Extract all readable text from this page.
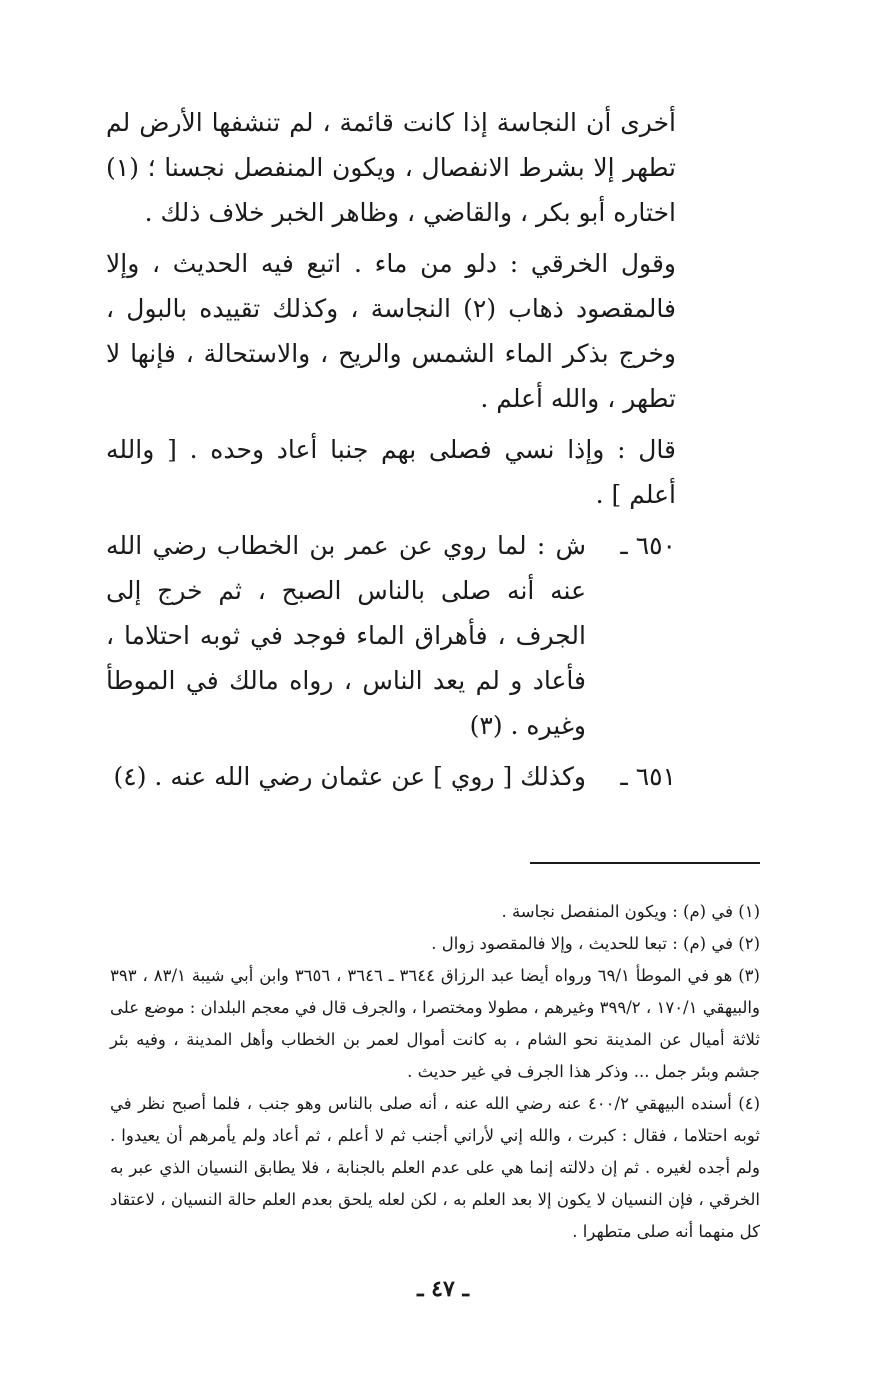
أخرى أن النجاسة إذا كانت قائمة ، لم تنشفها الأرض لم تطهر إلا بشرط الانفصال ، ويكون المنفصل نجسنا ؛ (١) اختاره أبو بكر ، والقاضي ، وظاهر الخبر خلاف ذلك .

وقول الخرقي : دلو من ماء . اتبع فيه الحديث ، وإلا فالمقصود ذهاب (٢) النجاسة ، وكذلك تقييده بالبول ، وخرج بذكر الماء الشمس والريح ، والاستحالة ، فإنها لا تطهر ، والله أعلم .

قال : وإذا نسي فصلى بهم جنبا أعاد وحده . [ والله أعلم ] .

٦٥٠ ـ
ش : لما روي عن عمر بن الخطاب رضي الله عنه أنه صلى بالناس الصبح ، ثم خرج إلى الجرف ، فأهراق الماء فوجد في ثوبه احتلاما ، فأعاد و لم يعد الناس ، رواه مالك في الموطأ وغيره . (٣)
٦٥١ ـ
وكذلك [ روي ] عن عثمان رضي الله عنه . (٤)

(١) في (م) : ويكون المنفصل نجاسة .

(٢) في (م) : تبعا للحديث ، وإلا فالمقصود زوال .

(٣) هو في الموطأ ٦٩/١ ورواه أيضا عبد الرزاق ٣٦٤٤ ـ ٣٦٤٦ ، ٣٦٥٦ وابن أبي شيبة ٨٣/١ ، ٣٩٣ والبيهقي ١٧٠/١ ، ٣٩٩/٢ وغيرهم ، مطولا ومختصرا ، والجرف قال في معجم البلدان : موضع على ثلاثة أميال عن المدينة نحو الشام ، به كانت أموال لعمر بن الخطاب وأهل المدينة ، وفيه بئر جشم وبئر جمل ... وذكر هذا الجرف في غير حديث .

(٤) أسنده البيهقي ٤٠٠/٢ عنه رضي الله عنه ، أنه صلى بالناس وهو جنب ، فلما أصبح نظر في ثوبه احتلاما ، فقال : كبرت ، والله إني لأراني أجنب ثم لا أعلم ، ثم أعاد ولم يأمرهم أن يعيدوا . ولم أجده لغيره . ثم إن دلالته إنما هي على عدم العلم بالجنابة ، فلا يطابق النسيان الذي عبر به الخرقي ، فإن النسيان لا يكون إلا بعد العلم به ، لكن لعله يلحق بعدم العلم حالة النسيان ، لاعتقاد كل منهما أنه صلى متطهرا .

ـ ٤٧ ـ
